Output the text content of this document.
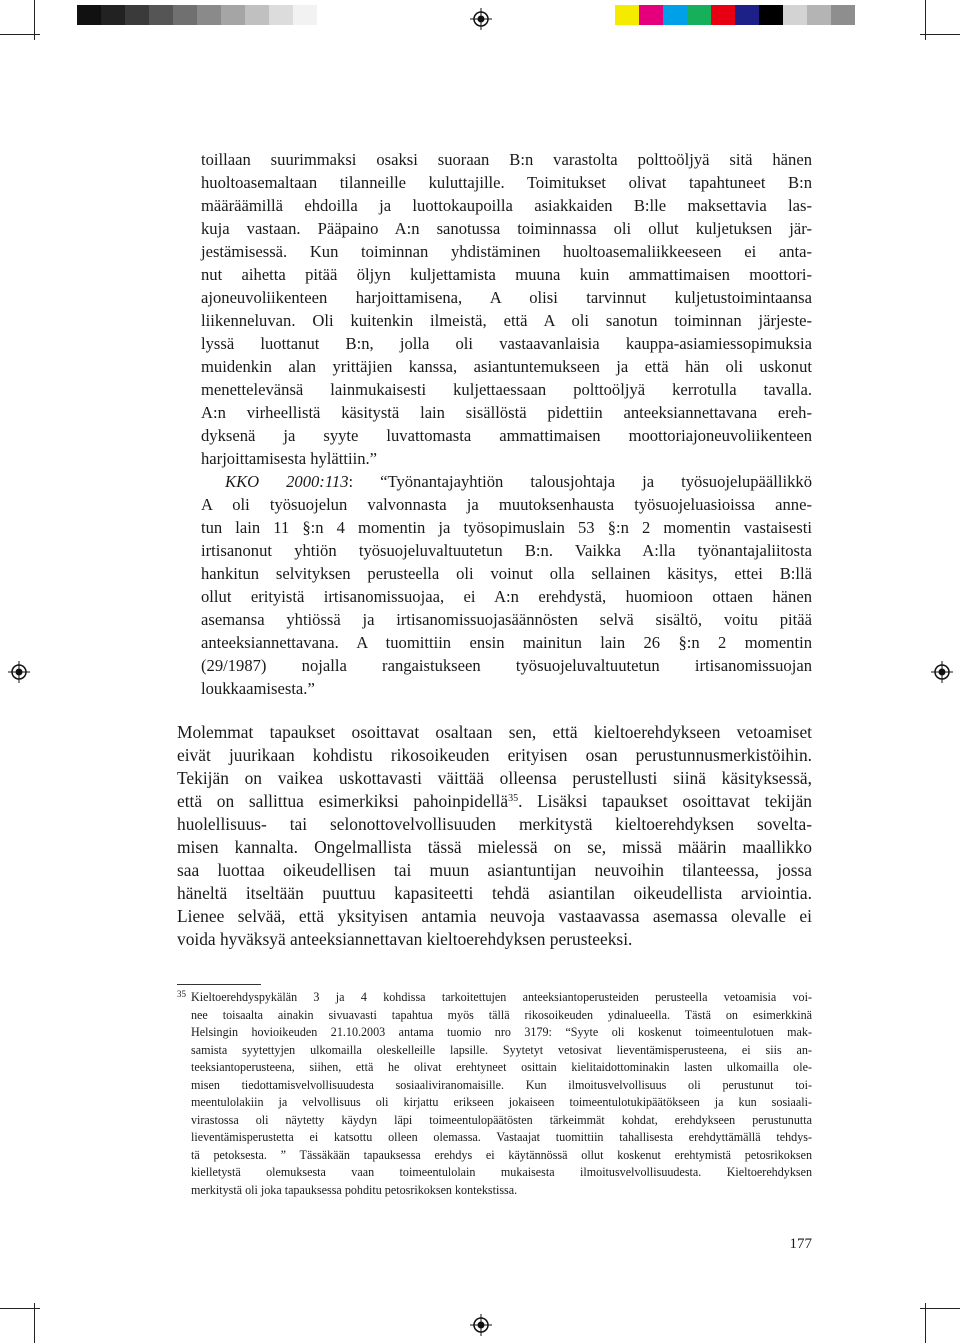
toillaan suurimmaksi osaksi suoraan B:n varastolta polttoöljyä sitä hänen
huoltoasemaltaan tilanneille kuluttajille. Toimitukset olivat tapahtuneet B:n
määräämillä ehdoilla ja luottokaupoilla asiakkaiden B:lle maksettavia las-
kuja vastaan. Pääpaino A:n sanotussa toiminnassa oli ollut kuljetuksen jär-
jestämisessä. Kun toiminnan yhdistäminen huoltoasemaliikkeeseen ei anta-
nut aihetta pitää öljyn kuljettamista muuna kuin ammattimaisen moottori-
ajoneuvoliikenteen harjoittamisena, A olisi tarvinnut kuljetustoimintaansa
liikenneluvan. Oli kuitenkin ilmeistä, että A oli sanotun toiminnan järjeste-
lyssä luottanut B:n, jolla oli vastaavanlaisia kauppa-asiamiessopimuksia
muidenkin alan yrittäjien kanssa, asiantuntemukseen ja että hän oli uskonut
menettelevänsä lainmukaisesti kuljettaessaan polttoöljyä kerrotulla tavalla.
A:n virheellistä käsitystä lain sisällöstä pidettiin anteeksiannettavana ereh-
dyksenä ja syyte luvattomasta ammattimaisen moottoriajoneuvoliikenteen
harjoittamisesta hylättiin.”
KKO 2000:113: “Työnantajayhtiön talousjohtaja ja työsuojelupäällikkö
A oli työsuojelun valvonnasta ja muutoksenhausta työsuojeluasioissa anne-
tun lain 11 §:n 4 momentin ja työsopimuslain 53 §:n 2 momentin vastaisesti
irtisanonut yhtiön työsuojeluvaltuutetun B:n. Vaikka A:lla työnantajaliitosta
hankitun selvityksen perusteella oli voinut olla sellainen käsitys, ettei B:llä
ollut erityistä irtisanomissuojaa, ei A:n erehdystä, huomioon ottaen hänen
asemansa yhtiössä ja irtisanomissuojasäännösten selvä sisältö, voitu pitää
anteeksiannettavana. A tuomittiin ensin mainitun lain 26 §:n 2 momentin
(29/1987) nojalla rangaistukseen työsuojeluvaltuutetun irtisanomissuojan
loukkaamisesta.”
Molemmat tapaukset osoittavat osaltaan sen, että kieltoerehdykseen vetoamiset
eivät juurikaan kohdistu rikosoikeuden erityisen osan perustunnusmerkistöihin.
Tekijän on vaikea uskottavasti väittää olleensa perustellusti siinä käsityksessä,
että on sallittua esimerkiksi pahoinpidellä$^{35}$. Lisäksi tapaukset osoittavat tekijän
huolellisuus- tai selonottovelvollisuuden merkitystä kieltoerehdyksen sovelta-
misen kannalta. Ongelmallista tässä mielessä on se, missä määrin maallikko
saa luottaa oikeudellisen tai muun asiantuntijan neuvoihin tilanteessa, jossa
häneltä itseltään puuttuu kapasiteetti tehdä asiantilan oikeudellista arviointia.
Lienee selvää, että yksityisen antamia neuvoja vastaavassa asemassa olevalle ei
voida hyväksyä anteeksiannettavan kieltoerehdyksen perusteeksi.
35 Kieltoerehdyspykälän 3 ja 4 kohdissa tarkoitettujen anteeksiantoperusteiden perusteella vetoamisia voi-
nee toisaalta ainakin sivuavasti tapahtua myös tällä rikosoikeuden ydinalueella. Tästä on esimerkkinä
Helsingin hovioikeuden 21.10.2003 antama tuomio nro 3179: “Syyte oli koskenut toimeentulotuen mak-
samista syytettyjen ulkomailla oleskelleille lapsille. Syytetyt vetosivat lieventämisperusteena, ei siis an-
teeksiantoperusteena, siihen, että he olivat erehtyneet osittain kielitaidottominakin lasten ulkomailla ole-
misen tiedottamisvelvollisuudesta sosiaaliviranomaisille. Kun ilmoitusvelvollisuus oli perustunut toi-
meentulolakiin ja velvollisuus oli kirjattu erikseen jokaiseen toimeentulotukipäätökseen ja kun sosiaali-
virastossa oli näytetty käydyn läpi toimeentulopäätösten tärkeimmät kohdat, erehdykseen perustunutta
lieventämisperustetta ei katsottu olleen olemassa. Vastaajat tuomittiin tahallisesta erehdyttämällä tehdys-
tä petoksesta. ” Tässäkään tapauksessa erehdys ei käytännössä ollut koskenut erehtymistä petosrikoksen
kielletystä olemuksesta vaan toimeentulolain mukaisesta ilmoitusvelvollisuudesta. Kieltoerehdyksen
merkitystä oli joka tapauksessa pohditu petosrikoksen kontekstissa.
177
